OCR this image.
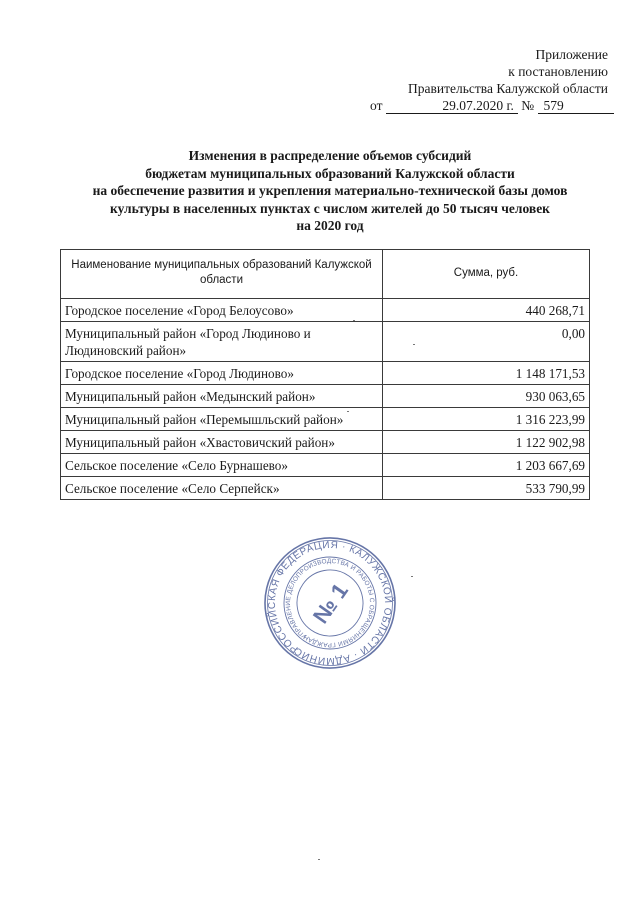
Приложение
к постановлению
Правительства Калужской области
от	29.07.2020 г. № 579
Изменения в распределение объемов субсидий
бюджетам муниципальных образований Калужской области
на обеспечение развития и укрепления материально-технической базы домов
культуры в населенных пунктах с числом жителей до 50 тысяч человек
на 2020 год
Наименование муниципальных образований Калужской области	Сумма, руб.
Городское поселение «Город Белоусово»	440 268,71
Муниципальный район «Город Людиново и Людиновский район»	0,00
Городское поселение «Город Людиново»	1 148 171,53
Муниципальный район «Медынский район»	930 063,65
Муниципальный район «Перемышльский район»	1 316 223,99
Муниципальный район «Хвастовичский район»	1 122 902,98
Сельское поселение «Село Бурнашево»	1 203 667,69
Сельское поселение «Село Серпейск»	533 790,99
РОССИЙСКАЯ ФЕДЕРАЦИЯ · КАЛУЖСКОЙ ОБЛАСТИ · АДМИНИСТРАЦИЯ
УПРАВЛЕНИЕ ДЕЛОПРОИЗВОДСТВА И РАБОТЫ С ОБРАЩЕНИЯМИ ГРАЖДАН
№ 1
